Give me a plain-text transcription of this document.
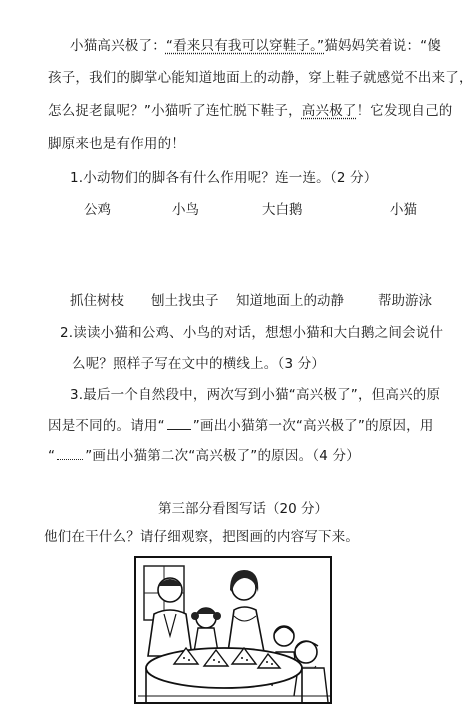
小猫高兴极了：“看来只有我可以穿鞋子。”猫妈妈笑着说：“傻
孩子，我们的脚掌心能知道地面上的动静，穿上鞋子就感觉不出来了，
怎么捉老鼠呢？”小猫听了连忙脱下鞋子，高兴极了！它发现自己的
脚原来也是有作用的！
1.小动物们的脚各有什么作用呢？连一连。（2 分）
公鸡	小鸟	大白鹅	小猫
抓住树枝 刨土找虫子 知道地面上的动静	帮助游泳
2.读读小猫和公鸡、小鸟的对话，想想小猫和大白鹅之间会说什
么呢？照样子写在文中的横线上。（3 分）
3.最后一个自然段中，两次写到小猫“高兴极了”，但高兴的原
因是不同的。请用“ ”画出小猫第一次“高兴极了”的原因，用
“ ”画出小猫第二次“高兴极了”的原因。（4 分）
第三部分看图写话（20 分）
他们在干什么？请仔细观察，把图画的内容写下来。
